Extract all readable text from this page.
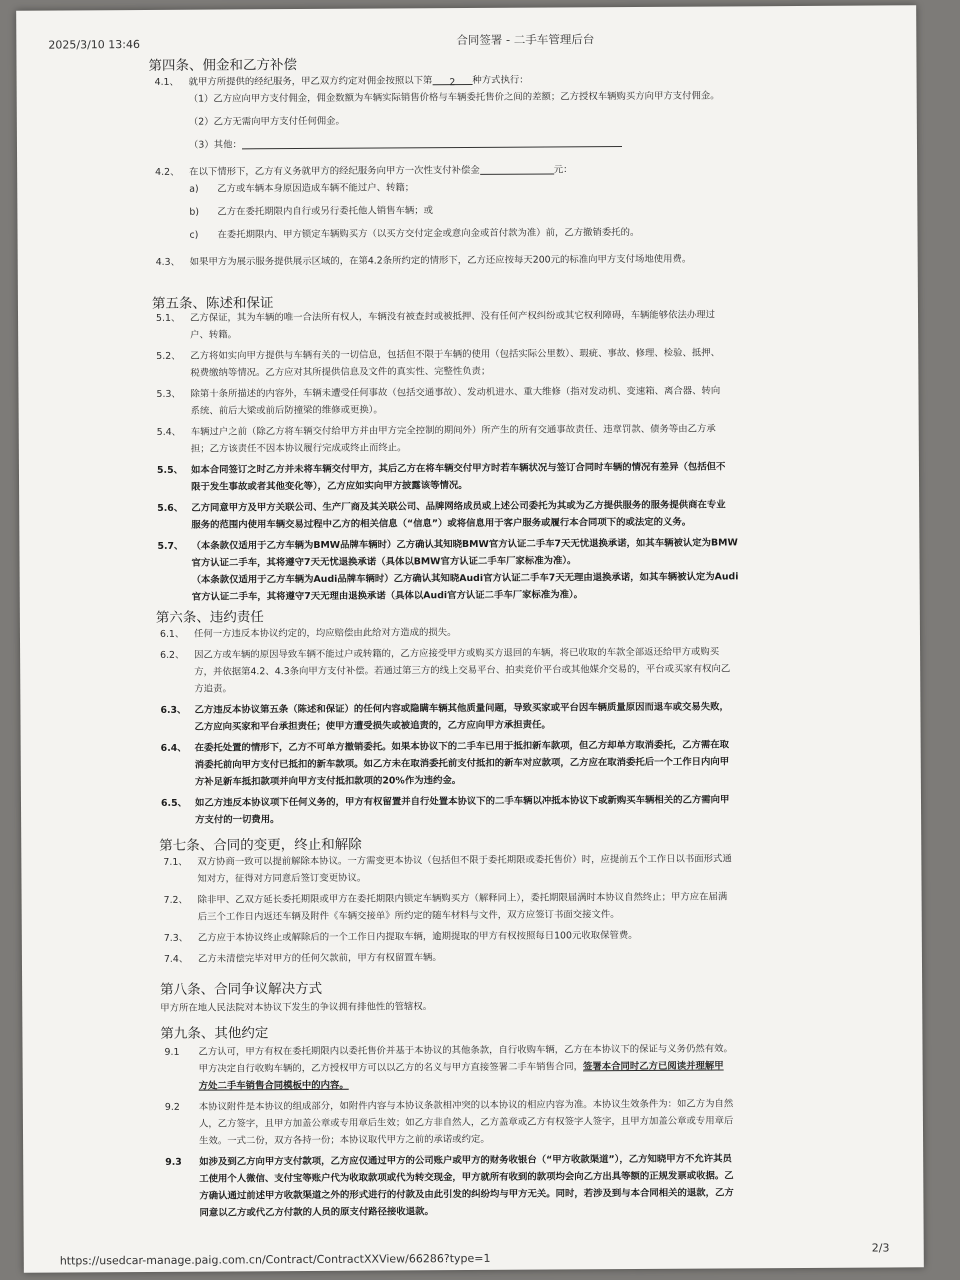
2025/3/10 13:46	合同签署 - 二手车管理后台
第四条、佣金和乙方补偿
4.1、 就甲方所提供的经纪服务，甲乙双方约定对佣金按照以下第 2 种方式执行：
（1）乙方应向甲方支付佣金，佣金数额为车辆实际销售价格与车辆委托售价之间的差额；乙方授权车辆购买方向甲方支付佣金。
（2）乙方无需向甲方支付任何佣金。
（3）其他：
4.2、 在以下情形下，乙方有义务就甲方的经纪服务向甲方一次性支付补偿金	元：
a) 乙方或车辆本身原因造成车辆不能过户、转籍；
b) 乙方在委托期限内自行或另行委托他人销售车辆；或
c) 在委托期限内、甲方锁定车辆购买方（以买方交付定金或意向金或首付款为准）前，乙方撤销委托的。
4.3、 如果甲方为展示服务提供展示区域的，在第4.2条所约定的情形下，乙方还应按每天200元的标准向甲方支付场地使用费。
第五条、陈述和保证
5.1、 乙方保证，其为车辆的唯一合法所有权人，车辆没有被查封或被抵押、没有任何产权纠纷或其它权利障碍，车辆能够依法办理过
户、转籍。
5.2、 乙方将如实向甲方提供与车辆有关的一切信息，包括但不限于车辆的使用（包括实际公里数）、瑕疵、事故、修理、检验、抵押、
税费缴纳等情况。乙方应对其所提供信息及文件的真实性、完整性负责；
5.3、 除第十条所描述的内容外，车辆未遭受任何事故（包括交通事故）、发动机进水、重大维修（指对发动机、变速箱、离合器、转向
系统、前后大梁或前后防撞梁的维修或更换）。
5.4、 车辆过户之前（除乙方将车辆交付给甲方并由甲方完全控制的期间外）所产生的所有交通事故责任、违章罚款、债务等由乙方承
担；乙方该责任不因本协议履行完成或终止而终止。
5.5、 如本合同签订之时乙方并未将车辆交付甲方，其后乙方在将车辆交付甲方时若车辆状况与签订合同时车辆的情况有差异（包括但不
限于发生事故或者其他变化等），乙方应如实向甲方披露该等情况。
5.6、 乙方同意甲方及甲方关联公司、生产厂商及其关联公司、品牌网络成员或上述公司委托为其或为乙方提供服务的服务提供商在专业
服务的范围内使用车辆交易过程中乙方的相关信息（“信息”）或将信息用于客户服务或履行本合同项下的或法定的义务。
5.7、 （本条款仅适用于乙方车辆为BMW品牌车辆时）乙方确认其知晓BMW官方认证二手车7天无忧退换承诺，如其车辆被认定为BMW
官方认证二手车，其将遵守7天无忧退换承诺（具体以BMW官方认证二手车厂家标准为准）。
（本条款仅适用于乙方车辆为Audi品牌车辆时）乙方确认其知晓Audi官方认证二手车7天无理由退换承诺，如其车辆被认定为Audi
官方认证二手车，其将遵守7天无理由退换承诺（具体以Audi官方认证二手车厂家标准为准）。
第六条、违约责任
6.1、 任何一方违反本协议约定的，均应赔偿由此给对方造成的损失。
6.2、 因乙方或车辆的原因导致车辆不能过户或转籍的，乙方应接受甲方或购买方退回的车辆，将已收取的车款全部返还给甲方或购买
方，并依据第4.2、4.3条向甲方支付补偿。若通过第三方的线上交易平台、拍卖竞价平台或其他媒介交易的，平台或买家有权向乙
方追责。
6.3、 乙方违反本协议第五条（陈述和保证）的任何内容或隐瞒车辆其他质量问题，导致买家或平台因车辆质量原因而退车或交易失败，
乙方应向买家和平台承担责任；使甲方遭受损失或被追责的，乙方应向甲方承担责任。
6.4、 在委托处置的情形下，乙方不可单方撤销委托。如果本协议下的二手车已用于抵扣新车款项，但乙方却单方取消委托，乙方需在取
消委托前向甲方支付已抵扣的新车款项。如乙方未在取消委托前支付抵扣的新车对应款项，乙方应在取消委托后一个工作日内向甲
方补足新车抵扣款项并向甲方支付抵扣款项的20%作为违约金。
6.5、 如乙方违反本协议项下任何义务的，甲方有权留置并自行处置本协议下的二手车辆以冲抵本协议下或新购买车辆相关的乙方需向甲
方支付的一切费用。
第七条、合同的变更，终止和解除
7.1、 双方协商一致可以提前解除本协议。一方需变更本协议（包括但不限于委托期限或委托售价）时，应提前五个工作日以书面形式通
知对方，征得对方同意后签订变更协议。
7.2、 除非甲、乙双方延长委托期限或甲方在委托期限内锁定车辆购买方（解释同上），委托期限届满时本协议自然终止；甲方应在届满
后三个工作日内返还车辆及附件《车辆交接单》所约定的随车材料与文件，双方应签订书面交接文件。
7.3、 乙方应于本协议终止或解除后的一个工作日内提取车辆，逾期提取的甲方有权按照每日100元收取保管费。
7.4、 乙方未清偿完毕对甲方的任何欠款前，甲方有权留置车辆。
第八条、合同争议解决方式
甲方所在地人民法院对本协议下发生的争议拥有排他性的管辖权。
第九条、其他约定
9.1 乙方认可，甲方有权在委托期限内以委托售价并基于本协议的其他条款，自行收购车辆，乙方在本协议下的保证与义务仍然有效。
甲方决定自行收购车辆的，乙方授权甲方可以以乙方的名义与甲方直接签署二手车销售合同，签署本合同时乙方已阅读并理解甲
方处二手车销售合同模板中的内容。
9.2 本协议附件是本协议的组成部分，如附件内容与本协议条款相冲突的以本协议的相应内容为准。本协议生效条件为：如乙方为自然
人，乙方签字，且甲方加盖公章或专用章后生效；如乙方非自然人，乙方盖章或乙方有权签字人签字，且甲方加盖公章或专用章后
生效。一式二份，双方各持一份；本协议取代甲方之前的承诺或约定。
9.3 如涉及到乙方向甲方支付款项，乙方应仅通过甲方的公司账户或甲方的财务收银台（“甲方收款渠道”），乙方知晓甲方不允许其员
工使用个人微信、支付宝等账户代为收取款项或代为转交现金，甲方就所有收到的款项均会向乙方出具等额的正规发票或收据。乙
方确认通过前述甲方收款渠道之外的形式进行的付款及由此引发的纠纷均与甲方无关。同时，若涉及到与本合同相关的退款，乙方
同意以乙方或代乙方付款的人员的原支付路径接收退款。
https://usedcar-manage.paig.com.cn/Contract/ContractXXView/66286?type=1
2/3
